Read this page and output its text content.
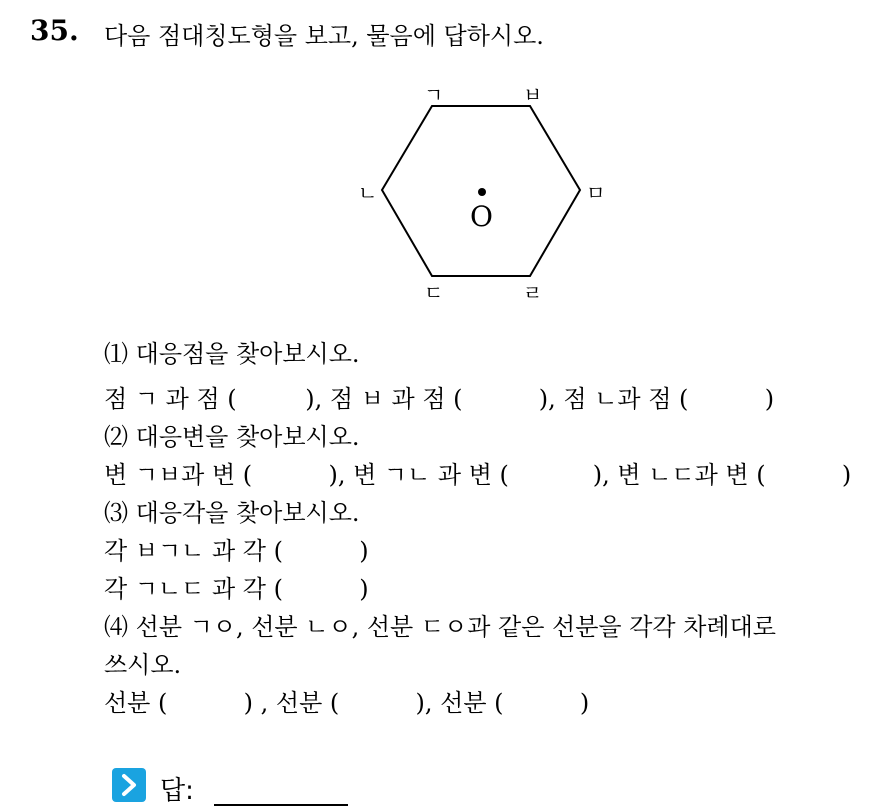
35. 다음 점대칭도형을 보고, 물음에 답하시오.
ㄱ	ㅂ
ㅁ
ㄹ
ㄷ
ㄴ
O
⑴ 대응점을 찾아보시오.
점 ㄱ 과 점 (         ), 점 ㅂ 과 점 (          ), 점 ㄴ과 점 (          )
⑵ 대응변을 찾아보시오.
변 ㄱㅂ과 변 (          ), 변 ㄱㄴ 과 변 (           ), 변 ㄴㄷ과 변 (          )
⑶ 대응각을 찾아보시오.
각 ㅂㄱㄴ 과 각 (          )
각 ㄱㄴㄷ 과 각 (          )
⑷ 선분 ㄱㅇ, 선분 ㄴㅇ, 선분 ㄷㅇ과 같은 선분을 각각 차례대로
쓰시오.
선분 (          ) , 선분 (          ), 선분 (          )
답:
